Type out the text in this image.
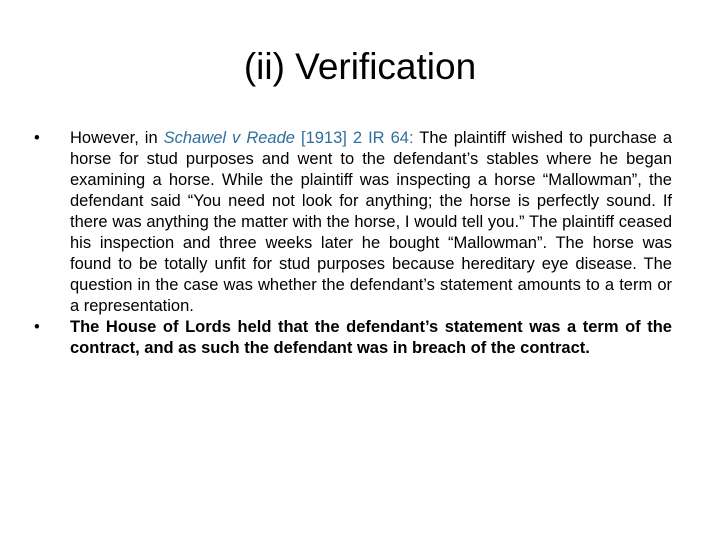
(ii) Verification
•	However, in Schawel v Reade [1913] 2 IR 64: The plaintiff wished to purchase a horse for stud purposes and went to the defendant’s stables where he began examining a horse. While the plaintiff was inspecting a horse “Mallowman”, the defendant said “You need not look for anything; the horse is perfectly sound. If there was anything the matter with the horse, I would tell you.” The plaintiff ceased his inspection and three weeks later he bought “Mallowman”. The horse was found to be totally unfit for stud purposes because hereditary eye disease. The question in the case was whether the defendant’s statement amounts to a term or a representation.
•	The House of Lords held that the defendant’s statement was a term of the contract, and as such the defendant was in breach of the contract.
